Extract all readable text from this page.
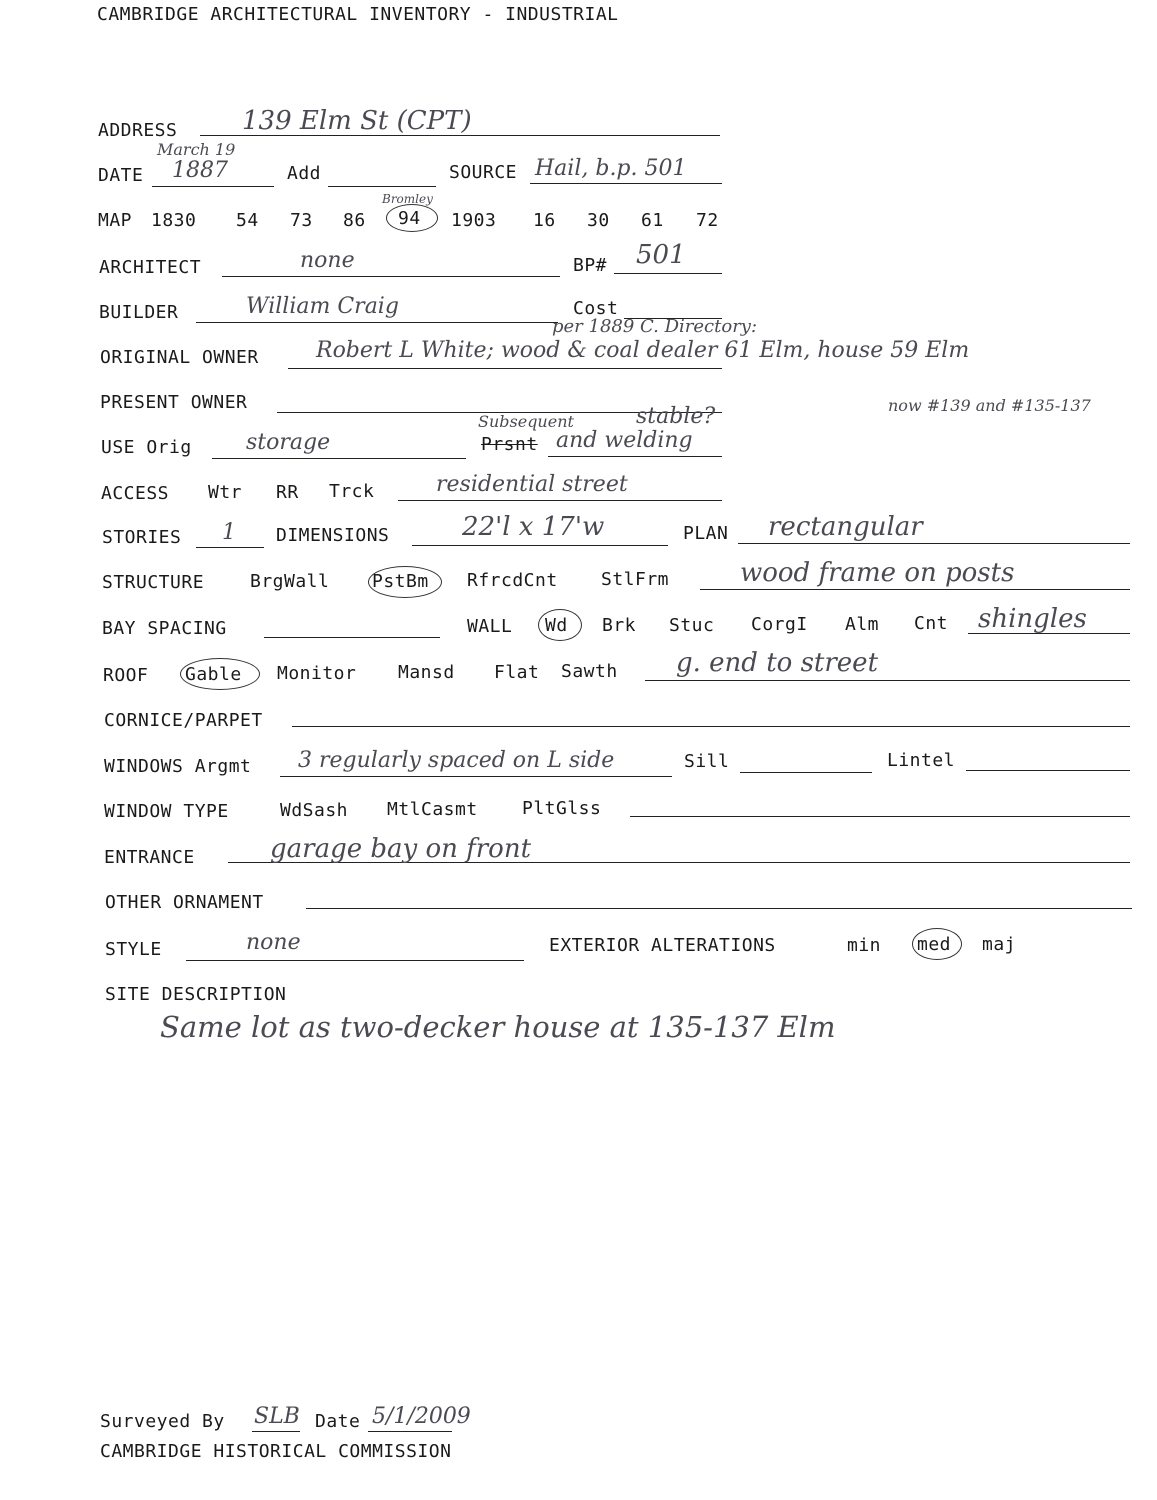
CAMBRIDGE ARCHITECTURAL INVENTORY - INDUSTRIAL
ADDRESS 139 Elm St (CPT)
March 19
DATE 1887	Add	SOURCE Hail, b.p. 501
Bromley
MAP 1830 54 73 86 94 1903 16 30 61 72
ARCHITECT	none	BP# 501
BUILDER	William Craig	Cost
per 1889 C. Directory:
ORIGINAL OWNER	Robert L White; wood & coal dealer 61 Elm, house 59 Elm
PRESENT OWNER	now #139 and #135-137
Subsequent	stable?
USE Orig storage	Prsnt and welding
ACCESS Wtr RR Trck	residential street
STORIES 1 DIMENSIONS	22'l x 17'w	PLAN rectangular
STRUCTURE	BrgWall PstBm RfrcdCnt StlFrm	wood frame on posts
BAY SPACING	WALL Wd Brk Stuc CorgI Alm Cnt shingles
ROOF Gable Monitor Mansd Flat Sawth g. end to street
CORNICE/PARPET
WINDOWS Argmt 3 regularly spaced on L side	Sill	Lintel
WINDOW TYPE	WdSash MtlCasmt PltGlss
ENTRANCE	garage bay on front
OTHER ORNAMENT
STYLE	none	EXTERIOR ALTERATIONS	min med maj
SITE DESCRIPTION
Same lot as two-decker house at 135-137 Elm
Surveyed By SLB Date 5/1/2009
CAMBRIDGE HISTORICAL COMMISSION
